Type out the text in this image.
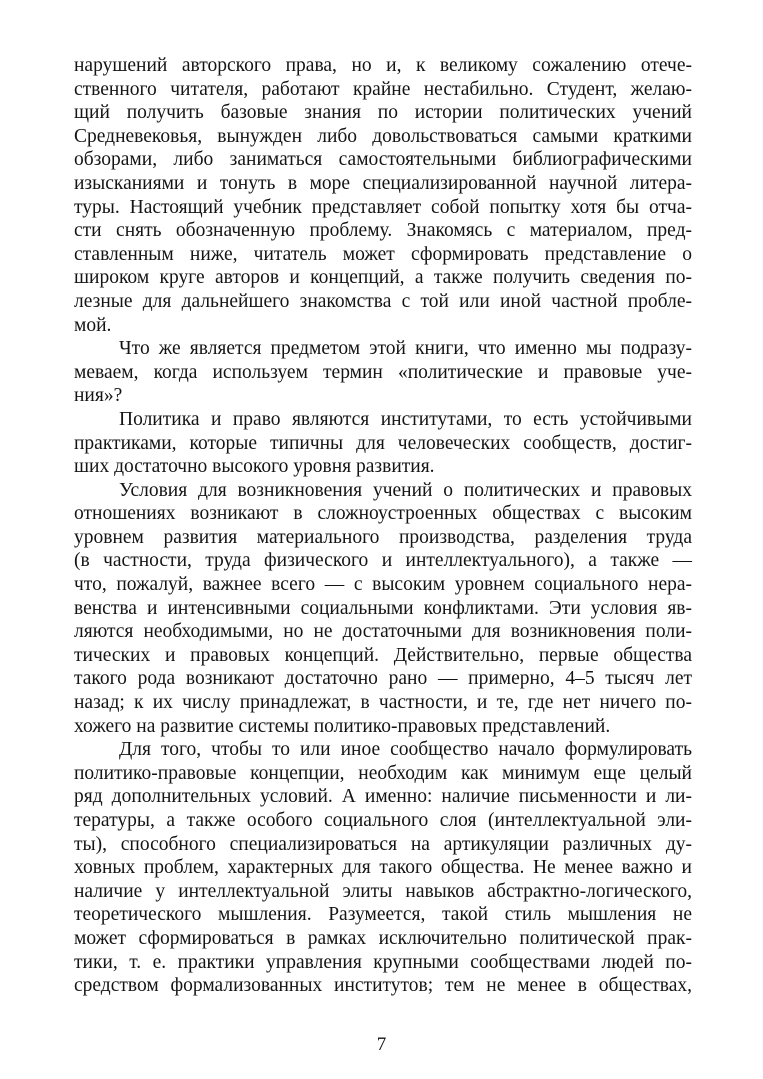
нарушений авторского права, но и, к великому сожалению отече-
ственного читателя, работают крайне нестабильно. Студент, желаю-
щий получить базовые знания по истории политических учений
Средневековья, вынужден либо довольствоваться самыми краткими
обзорами, либо заниматься самостоятельными библиографическими
изысканиями и тонуть в море специализированной научной литера-
туры. Настоящий учебник представляет собой попытку хотя бы отча-
сти снять обозначенную проблему. Знакомясь с материалом, пред-
ставленным ниже, читатель может сформировать представление о
широком круге авторов и концепций, а также получить сведения по-
лезные для дальнейшего знакомства с той или иной частной пробле-
мой.

Что же является предметом этой книги, что именно мы подразу-
меваем, когда используем термин «политические и правовые уче-
ния»?

Политика и право являются институтами, то есть устойчивыми
практиками, которые типичны для человеческих сообществ, достиг-
ших достаточно высокого уровня развития.

Условия для возникновения учений о политических и правовых
отношениях возникают в сложноустроенных обществах с высоким
уровнем развития материального производства, разделения труда
(в частности, труда физического и интеллектуального), а также —
что, пожалуй, важнее всего — с высоким уровнем социального нера-
венства и интенсивными социальными конфликтами. Эти условия яв-
ляются необходимыми, но не достаточными для возникновения поли-
тических и правовых концепций. Действительно, первые общества
такого рода возникают достаточно рано — примерно, 4–5 тысяч лет
назад; к их числу принадлежат, в частности, и те, где нет ничего по-
хожего на развитие системы политико-правовых представлений.

Для того, чтобы то или иное сообщество начало формулировать
политико-правовые концепции, необходим как минимум еще целый
ряд дополнительных условий. А именно: наличие письменности и ли-
тературы, а также особого социального слоя (интеллектуальной эли-
ты), способного специализироваться на артикуляции различных ду-
ховных проблем, характерных для такого общества. Не менее важно и
наличие у интеллектуальной элиты навыков абстрактно-логического,
теоретического мышления. Разумеется, такой стиль мышления не
может сформироваться в рамках исключительно политической прак-
тики, т. е. практики управления крупными сообществами людей по-
средством формализованных институтов; тем не менее в обществах,

7
